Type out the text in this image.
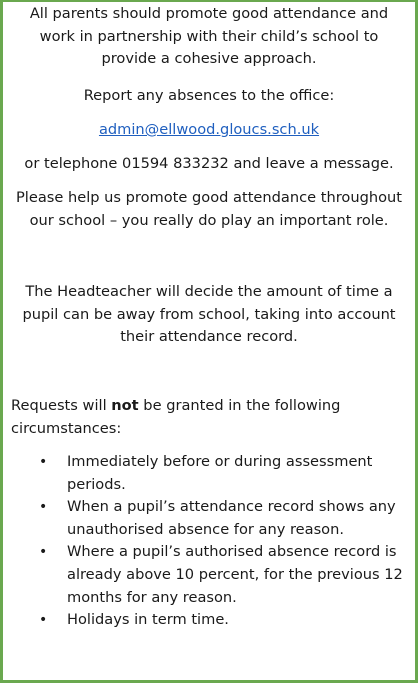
All parents should promote good attendance and work in partnership with their child’s school to provide a cohesive approach.

Report any absences to the office:

admin@ellwood.gloucs.sch.uk

or telephone 01594 833232 and leave a message.

Please help us promote good attendance throughout our school – you really do play an important role.

The Headteacher will decide the amount of time a pupil can be away from school, taking into account their attendance record.

Requests will not be granted in the following circumstances:

• Immediately before or during assessment periods.
• When a pupil’s attendance record shows any unauthorised absence for any reason.
• Where a pupil’s authorised absence record is already above 10 percent, for the previous 12 months for any reason.
• Holidays in term time.
